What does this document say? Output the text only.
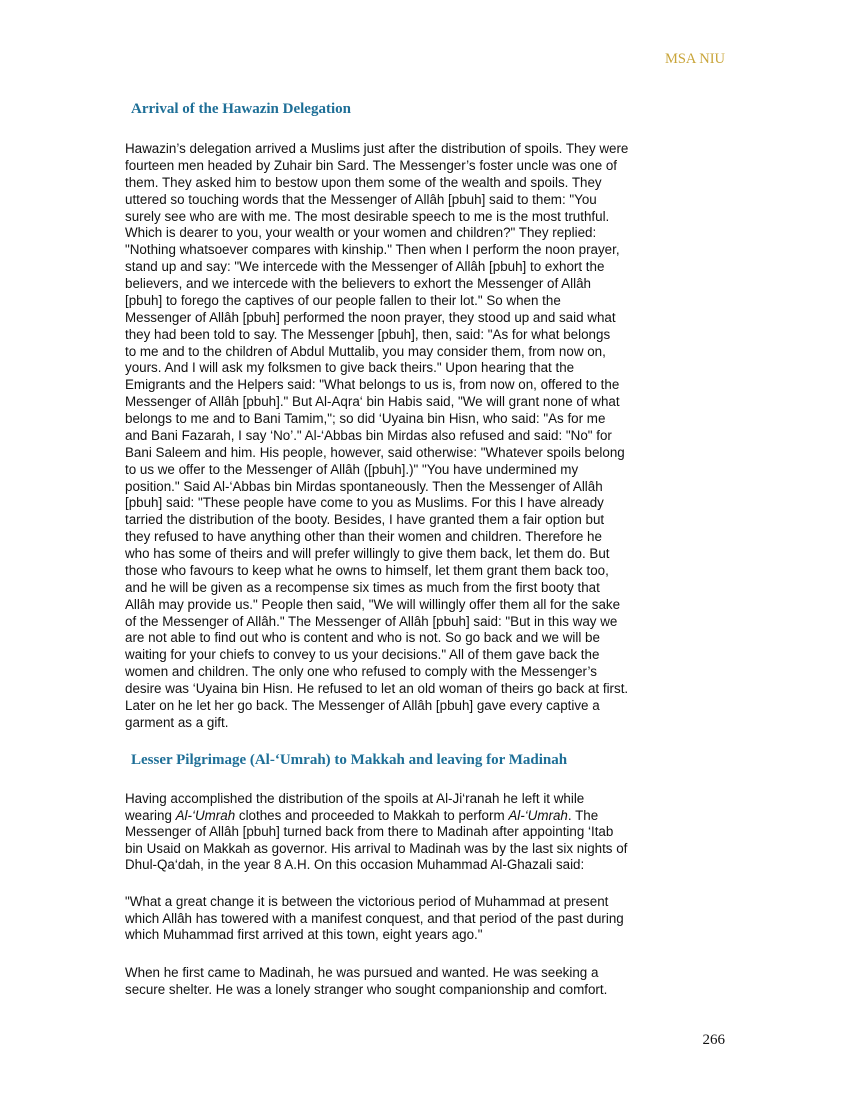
MSA NIU
Arrival of the Hawazin Delegation
Hawazin’s delegation arrived a Muslims just after the distribution of spoils. They were
fourteen men headed by Zuhair bin Sard. The Messenger’s foster uncle was one of
them. They asked him to bestow upon them some of the wealth and spoils. They
uttered so touching words that the Messenger of Allâh [pbuh] said to them: "You
surely see who are with me. The most desirable speech to me is the most truthful.
Which is dearer to you, your wealth or your women and children?" They replied:
"Nothing whatsoever compares with kinship." Then when I perform the noon prayer,
stand up and say: "We intercede with the Messenger of Allâh [pbuh] to exhort the
believers, and we intercede with the believers to exhort the Messenger of Allâh
[pbuh] to forego the captives of our people fallen to their lot." So when the
Messenger of Allâh [pbuh] performed the noon prayer, they stood up and said what
they had been told to say. The Messenger [pbuh], then, said: "As for what belongs
to me and to the children of Abdul Muttalib, you may consider them, from now on,
yours. And I will ask my folksmen to give back theirs." Upon hearing that the
Emigrants and the Helpers said: "What belongs to us is, from now on, offered to the
Messenger of Allâh [pbuh]." But Al-Aqra‘ bin Habis said, "We will grant none of what
belongs to me and to Bani Tamim,"; so did ‘Uyaina bin Hisn, who said: "As for me
and Bani Fazarah, I say ‘No’." Al-‘Abbas bin Mirdas also refused and said: "No" for
Bani Saleem and him. His people, however, said otherwise: "Whatever spoils belong
to us we offer to the Messenger of Allâh ([pbuh].)" "You have undermined my
position." Said Al-‘Abbas bin Mirdas spontaneously. Then the Messenger of Allâh
[pbuh] said: "These people have come to you as Muslims. For this I have already
tarried the distribution of the booty. Besides, I have granted them a fair option but
they refused to have anything other than their women and children. Therefore he
who has some of theirs and will prefer willingly to give them back, let them do. But
those who favours to keep what he owns to himself, let them grant them back too,
and he will be given as a recompense six times as much from the first booty that
Allâh may provide us." People then said, "We will willingly offer them all for the sake
of the Messenger of Allâh." The Messenger of Allâh [pbuh] said: "But in this way we
are not able to find out who is content and who is not. So go back and we will be
waiting for your chiefs to convey to us your decisions." All of them gave back the
women and children. The only one who refused to comply with the Messenger’s
desire was ‘Uyaina bin Hisn. He refused to let an old woman of theirs go back at first.
Later on he let her go back. The Messenger of Allâh [pbuh] gave every captive a
garment as a gift.
Lesser Pilgrimage (Al-‘Umrah) to Makkah and leaving for Madinah
Having accomplished the distribution of the spoils at Al-Ji‘ranah he left it while
wearing Al-‘Umrah clothes and proceeded to Makkah to perform Al-‘Umrah. The
Messenger of Allâh [pbuh] turned back from there to Madinah after appointing ‘Itab
bin Usaid on Makkah as governor. His arrival to Madinah was by the last six nights of
Dhul-Qa‘dah, in the year 8 A.H. On this occasion Muhammad Al-Ghazali said:
"What a great change it is between the victorious period of Muhammad at present
which Allâh has towered with a manifest conquest, and that period of the past during
which Muhammad first arrived at this town, eight years ago."
When he first came to Madinah, he was pursued and wanted. He was seeking a
secure shelter. He was a lonely stranger who sought companionship and comfort.
266
